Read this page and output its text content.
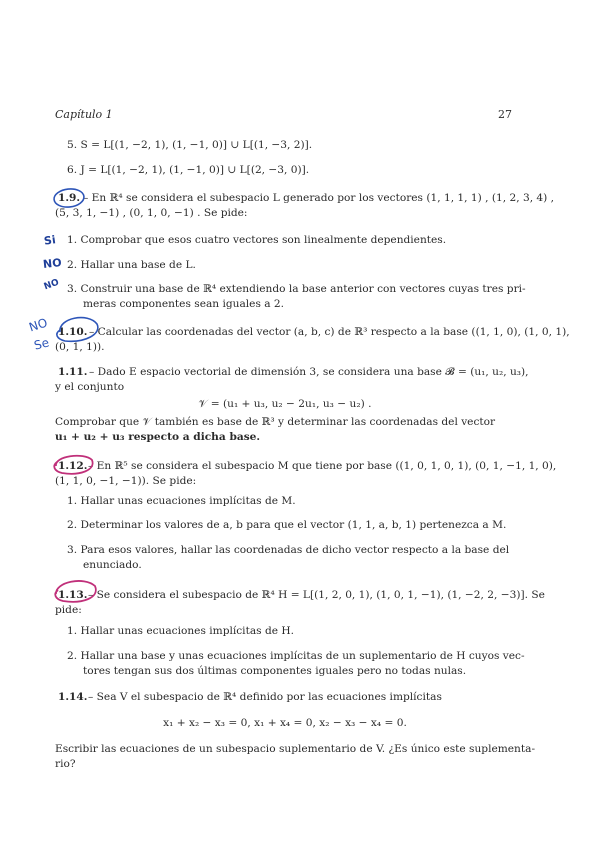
Capítulo 1	27
5. S = L[(1, −2, 1), (1, −1, 0)] ∪ L[(1, −3, 2)].
6. J = L[(1, −2, 1), (1, −1, 0)] ∪ L[(2, −3, 0)].
1.9. – En ℝ⁴ se considera el subespacio L generado por los vectores (1, 1, 1, 1) , (1, 2, 3, 4) ,
(5, 3, 1, −1) , (0, 1, 0, −1) . Se pide:
1. Comprobar que esos cuatro vectores son linealmente dependientes.
2. Hallar una base de L.
3. Construir una base de ℝ⁴ extendiendo la base anterior con vectores cuyas tres pri-
meras componentes sean iguales a 2.
1.10. – Calcular las coordenadas del vector (a, b, c) de ℝ³ respecto a la base ((1, 1, 0), (1, 0, 1),
(0, 1, 1)).
1.11. – Dado E espacio vectorial de dimensión 3, se considera una base 𝓑 = (u₁, u₂, u₃),
y el conjunto
𝒱 = (u₁ + u₃, u₂ − 2u₁, u₃ − u₂) .
Comprobar que 𝒱 también es base de ℝ³ y determinar las coordenadas del vector
u₁ + u₂ + u₃ respecto a dicha base.
1.12. – En ℝ⁵ se considera el subespacio M que tiene por base ((1, 0, 1, 0, 1), (0, 1, −1, 1, 0),
(1, 1, 0, −1, −1)). Se pide:
1. Hallar unas ecuaciones implícitas de M.
2. Determinar los valores de a, b para que el vector (1, 1, a, b, 1) pertenezca a M.
3. Para esos valores, hallar las coordenadas de dicho vector respecto a la base del
enunciado.
1.13. – Se considera el subespacio de ℝ⁴ H = L[(1, 2, 0, 1), (1, 0, 1, −1), (1, −2, 2, −3)]. Se
pide:
1. Hallar unas ecuaciones implícitas de H.
2. Hallar una base y unas ecuaciones implícitas de un suplementario de H cuyos vec-
tores tengan sus dos últimas componentes iguales pero no todas nulas.
1.14. – Sea V el subespacio de ℝ⁴ definido por las ecuaciones implícitas
x₁ + x₂ − x₃ = 0, x₁ + x₄ = 0, x₂ − x₃ − x₄ = 0.
Escribir las ecuaciones de un subespacio suplementario de V. ¿Es único este suplementa-
rio?
Si
NO
NO
NO
Se
